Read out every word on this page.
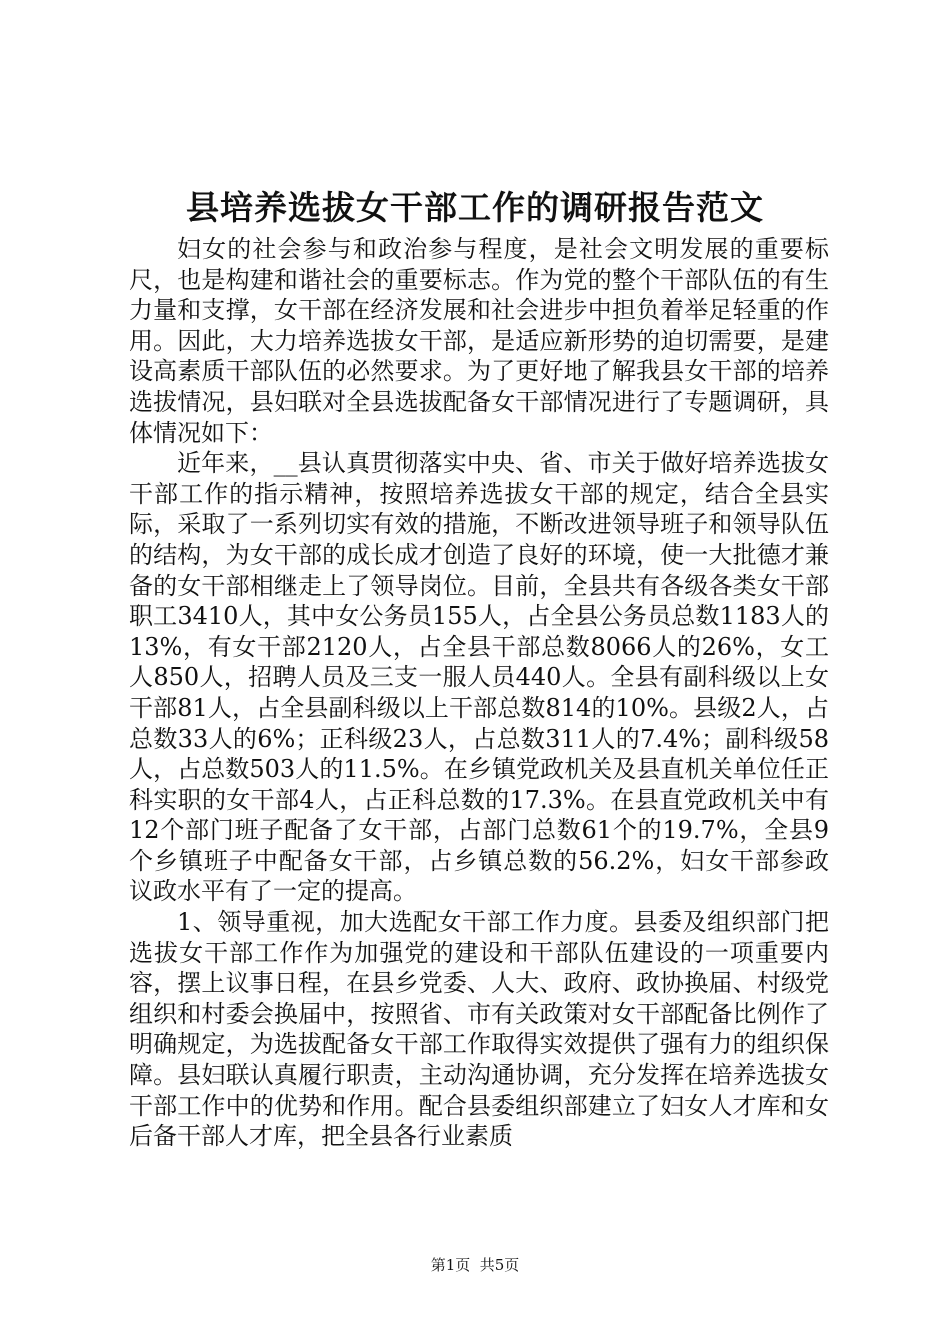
县培养选拔女干部工作的调研报告范文

妇女的社会参与和政治参与程度，是社会文明发展的重要标尺，也是构建和谐社会的重要标志。作为党的整个干部队伍的有生力量和支撑，女干部在经济发展和社会进步中担负着举足轻重的作用。因此，大力培养选拔女干部，是适应新形势的迫切需要，是建设高素质干部队伍的必然要求。为了更好地了解我县女干部的培养选拔情况，县妇联对全县选拔配备女干部情况进行了专题调研，具体情况如下：

近年来，__县认真贯彻落实中央、省、市关于做好培养选拔女干部工作的指示精神，按照培养选拔女干部的规定，结合全县实际，采取了一系列切实有效的措施，不断改进领导班子和领导队伍的结构，为女干部的成长成才创造了良好的环境，使一大批德才兼备的女干部相继走上了领导岗位。目前，全县共有各级各类女干部职工3410人，其中女公务员155人，占全县公务员总数1183人的13%，有女干部2120人，占全县干部总数8066人的26%，女工人850人，招聘人员及三支一服人员440人。全县有副科级以上女干部81人，占全县副科级以上干部总数814的10%。县级2人，占总数33人的6%；正科级23人，占总数311人的7.4%；副科级58人，占总数503人的11.5%。在乡镇党政机关及县直机关单位任正科实职的女干部4人，占正科总数的17.3%。在县直党政机关中有12个部门班子配备了女干部，占部门总数61个的19.7%，全县9个乡镇班子中配备女干部，占乡镇总数的56.2%，妇女干部参政议政水平有了一定的提高。

1、领导重视，加大选配女干部工作力度。县委及组织部门把选拔女干部工作作为加强党的建设和干部队伍建设的一项重要内容，摆上议事日程，在县乡党委、人大、政府、政协换届、村级党组织和村委会换届中，按照省、市有关政策对女干部配备比例作了明确规定，为选拔配备女干部工作取得实效提供了强有力的组织保障。县妇联认真履行职责，主动沟通协调，充分发挥在培养选拔女干部工作中的优势和作用。配合县委组织部建立了妇女人才库和女后备干部人才库，把全县各行业素质

第1页  共5页
